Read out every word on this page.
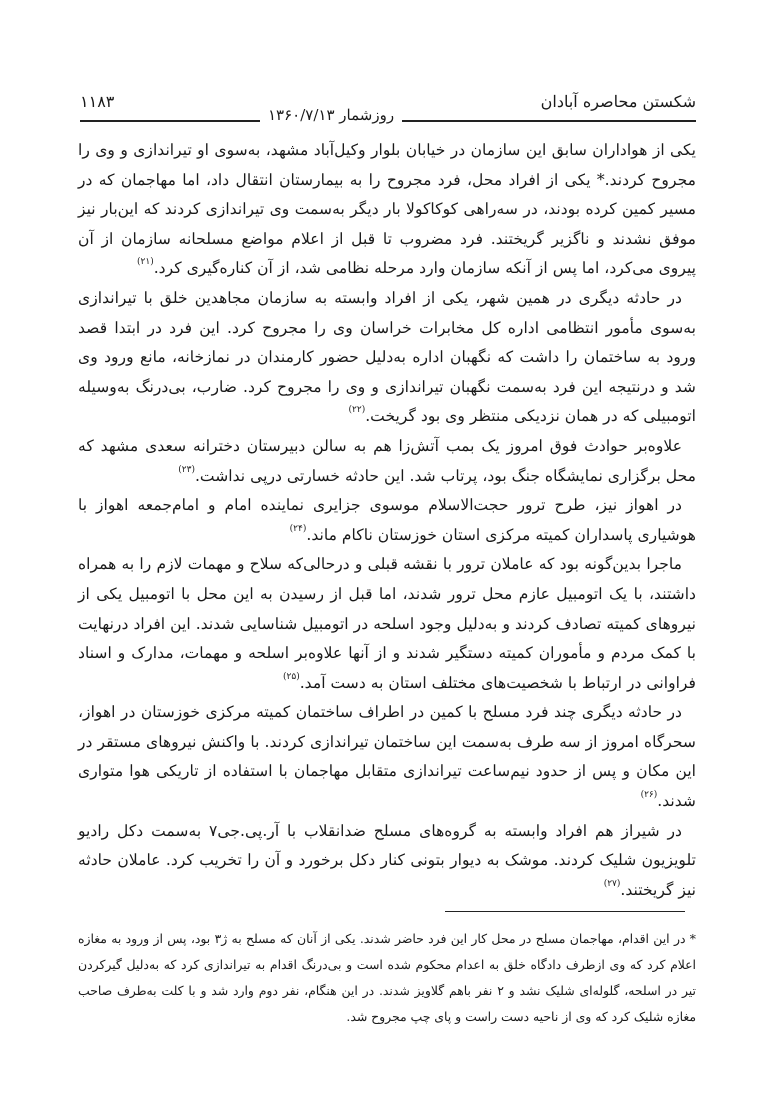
شکستن محاصره آبادان
روزشمار ۱۳۶۰/۷/۱۳
۱۱۸۳

یکی از هواداران سابق این سازمان در خیابان بلوار وکیل‌آباد مشهد، به‌سوی او تیراندازی و وی را مجروح کردند.* یکی از افراد محل، فرد مجروح را به بیمارستان انتقال داد، اما مهاجمان که در مسیر کمین کرده بودند، در سه‌راهی کوکاکولا بار دیگر به‌سمت وی تیراندازی کردند که این‌بار نیز موفق نشدند و ناگزیر گریختند. فرد مضروب تا قبل از اعلام مواضع مسلحانه سازمان از آن پیروی می‌کرد، اما پس از آنکه سازمان وارد مرحله نظامی شد، از آن کناره‌گیری کرد.$^{(۲۱)}$

در حادثه دیگری در همین شهر، یکی از افراد وابسته به سازمان مجاهدین خلق با تیراندازی به‌سوی مأمور انتظامی اداره کل مخابرات خراسان وی را مجروح کرد. این فرد در ابتدا قصد ورود به ساختمان را داشت که نگهبان اداره به‌دلیل حضور کارمندان در نمازخانه، مانع ورود وی شد و درنتیجه این فرد به‌سمت نگهبان تیراندازی و وی را مجروح کرد. ضارب، بی‌درنگ به‌وسیله اتومبیلی که در همان نزدیکی منتظر وی بود گریخت.$^{(۲۲)}$

علاوه‌بر حوادث فوق امروز یک بمب آتش‌زا هم به سالن دبیرستان دخترانه سعدی مشهد که محل برگزاری نمایشگاه جنگ بود، پرتاب شد. این حادثه خسارتی درپی نداشت.$^{(۲۳)}$

در اهواز نیز، طرح ترور حجت‌الاسلام موسوی جزایری نماینده امام و امام‌جمعه اهواز با هوشیاری پاسداران کمیته مرکزی استان خوزستان ناکام ماند.$^{(۲۴)}$

ماجرا بدین‌گونه بود که عاملان ترور با نقشه قبلی و درحالی‌که سلاح و مهمات لازم را به همراه داشتند، با یک اتومبیل عازم محل ترور شدند، اما قبل از رسیدن به این محل با اتومبیل یکی از نیروهای کمیته تصادف کردند و به‌دلیل وجود اسلحه در اتومبیل شناسایی شدند. این افراد درنهایت با کمک مردم و مأموران کمیته دستگیر شدند و از آنها علاوه‌بر اسلحه و مهمات، مدارک و اسناد فراوانی در ارتباط با شخصیت‌های مختلف استان به دست آمد.$^{(۲۵)}$

در حادثه دیگری چند فرد مسلح با کمین در اطراف ساختمان کمیته مرکزی خوزستان در اهواز، سحرگاه امروز از سه طرف به‌سمت این ساختمان تیراندازی کردند. با واکنش نیروهای مستقر در این مکان و پس از حدود نیم‌ساعت تیراندازی متقابل مهاجمان با استفاده از تاریکی هوا متواری شدند.$^{(۲۶)}$

در شیراز هم افراد وابسته به گروه‌های مسلح ضدانقلاب با آر.پی.جی۷ به‌سمت دکل رادیو تلویزیون شلیک کردند. موشک به دیوار بتونی کنار دکل برخورد و آن را تخریب کرد. عاملان حادثه نیز گریختند.$^{(۲۷)}$

* در این اقدام، مهاجمان مسلح در محل کار این فرد حاضر شدند. یکی از آنان که مسلح به ژ۳ بود، پس از ورود به مغازه اعلام کرد که وی ازطرف دادگاه خلق به اعدام محکوم شده است و بی‌درنگ اقدام به تیراندازی کرد که به‌دلیل گیرکردن تیر در اسلحه، گلوله‌ای شلیک نشد و ۲ نفر باهم گلاویز شدند. در این هنگام، نفر دوم وارد شد و با کلت به‌طرف صاحب مغازه شلیک کرد که وی از ناحیه دست راست و پای چپ مجروح شد.
